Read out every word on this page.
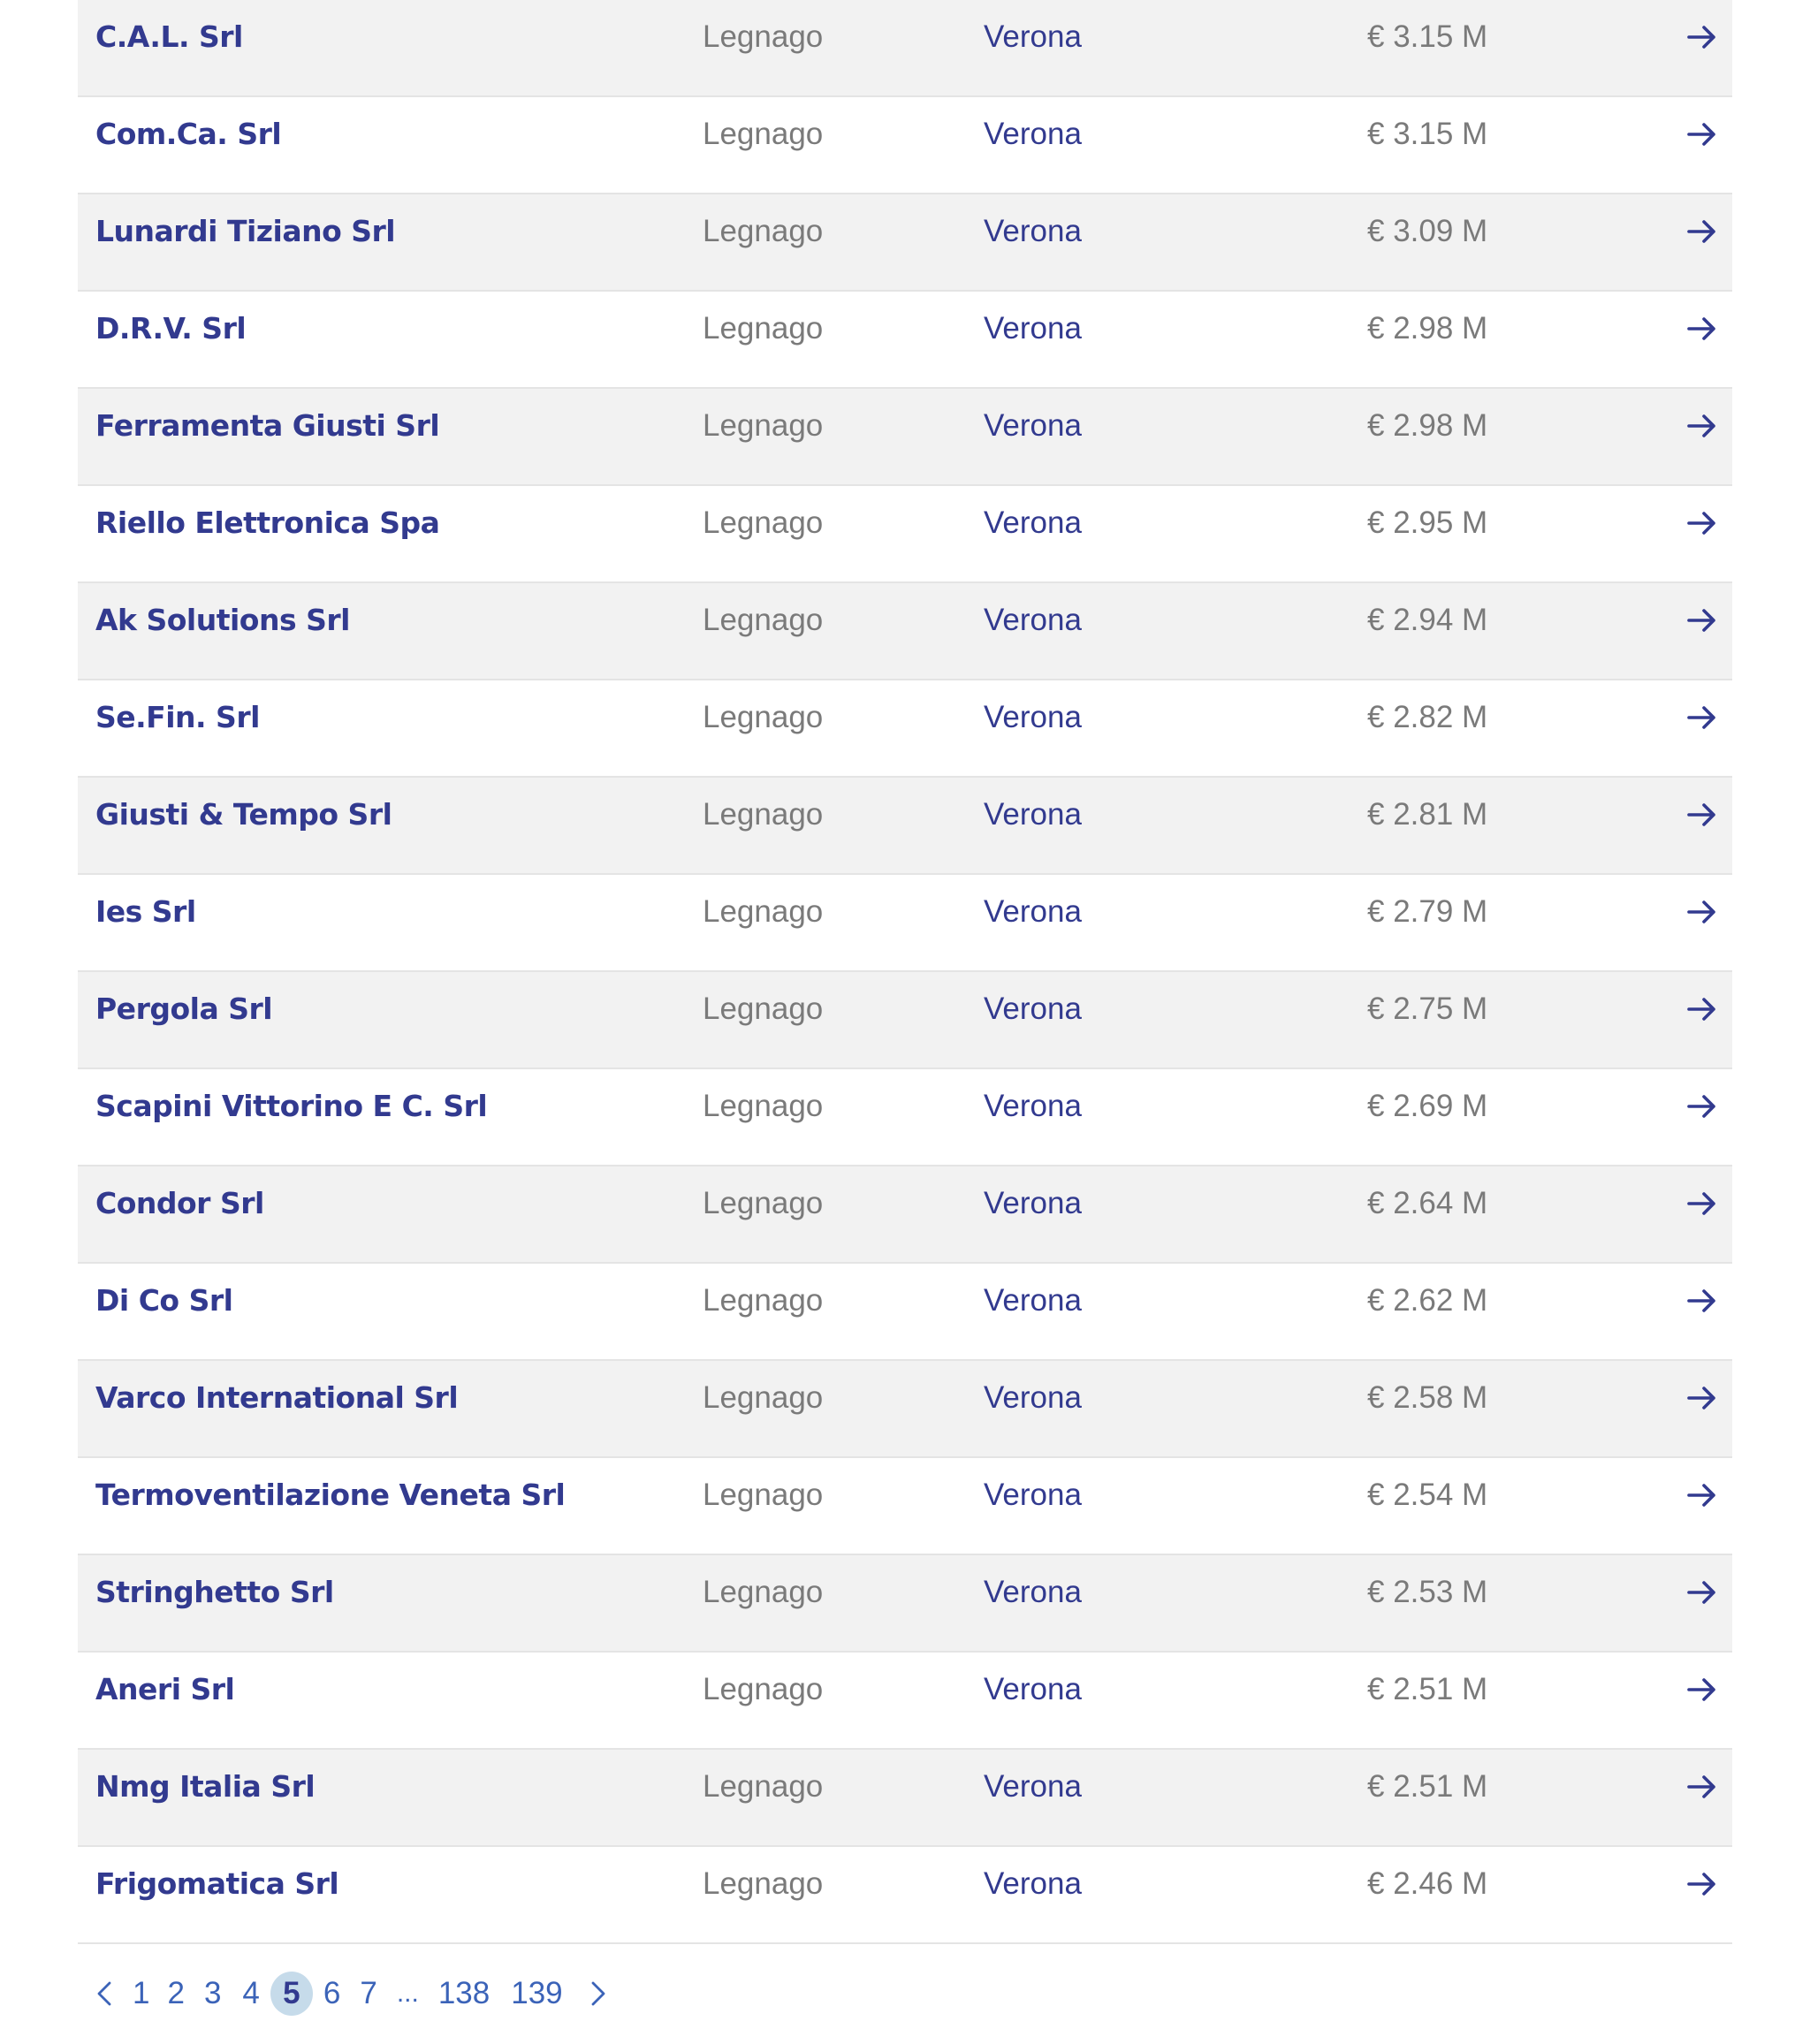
C.A.L. Srl	Legnago	Verona	€ 3.15 M
Com.Ca. Srl	Legnago	Verona	€ 3.15 M
Lunardi Tiziano Srl	Legnago	Verona	€ 3.09 M
D.R.V. Srl	Legnago	Verona	€ 2.98 M
Ferramenta Giusti Srl	Legnago	Verona	€ 2.98 M
Riello Elettronica Spa	Legnago	Verona	€ 2.95 M
Ak Solutions Srl	Legnago	Verona	€ 2.94 M
Se.Fin. Srl	Legnago	Verona	€ 2.82 M
Giusti & Tempo Srl	Legnago	Verona	€ 2.81 M
Ies Srl	Legnago	Verona	€ 2.79 M
Pergola Srl	Legnago	Verona	€ 2.75 M
Scapini Vittorino E C. Srl	Legnago	Verona	€ 2.69 M
Condor Srl	Legnago	Verona	€ 2.64 M
Di Co Srl	Legnago	Verona	€ 2.62 M
Varco International Srl	Legnago	Verona	€ 2.58 M
Termoventilazione Veneta Srl	Legnago	Verona	€ 2.54 M
Stringhetto Srl	Legnago	Verona	€ 2.53 M
Aneri Srl	Legnago	Verona	€ 2.51 M
Nmg Italia Srl	Legnago	Verona	€ 2.51 M
Frigomatica Srl	Legnago	Verona	€ 2.46 M
1 2 3 4 5 6 7 ... 138 139
